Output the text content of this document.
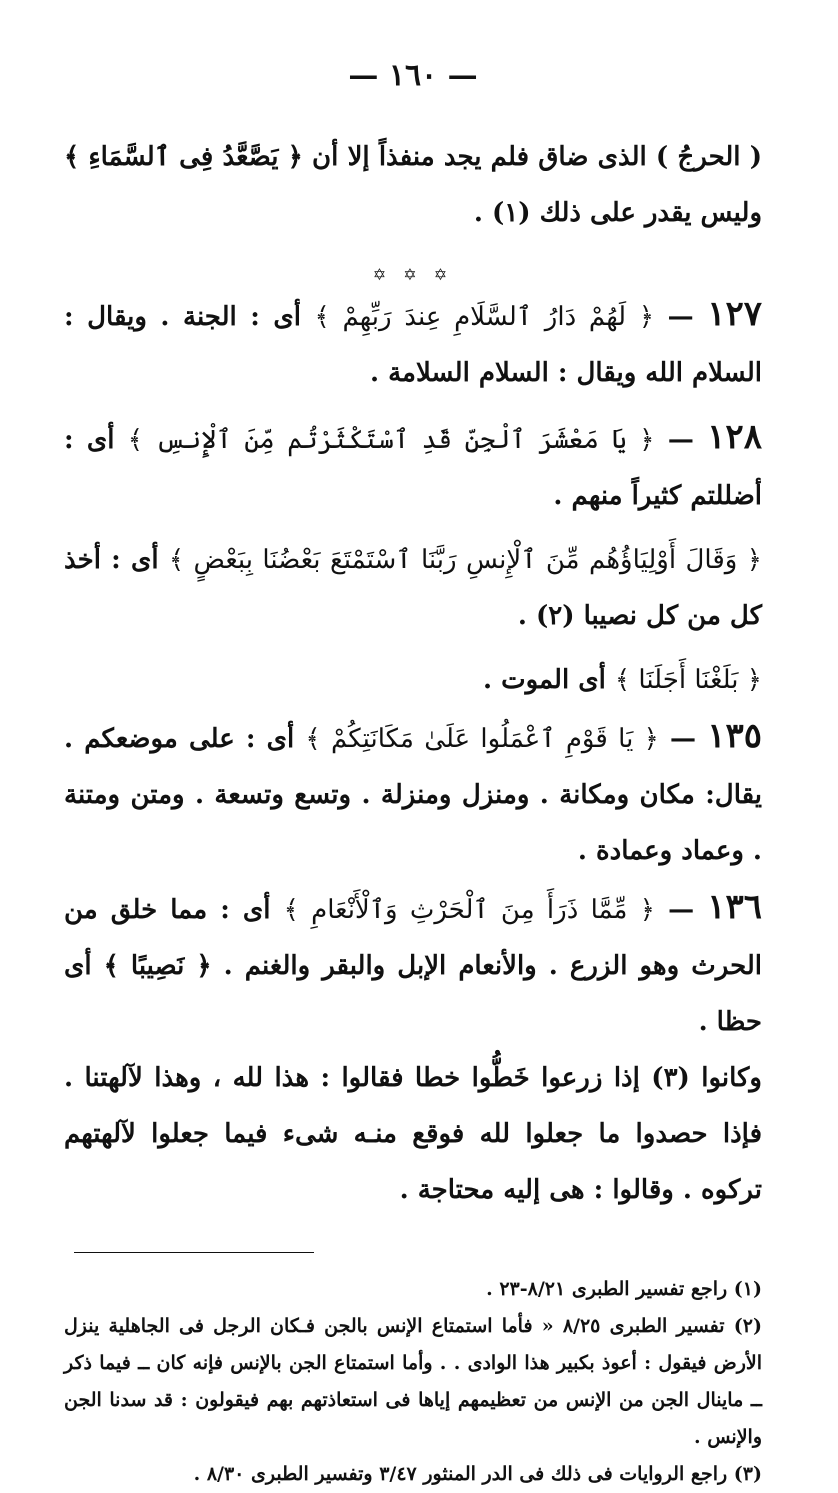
— ١٦٠ —

( الحرجُ ) الذى ضاق فلم يجد منفذاً إلا أن ﴿ يَصَّعَّدُ فِى ٱلسَّمَاءِ ﴾ وليس يقدر على ذلك (١) .

✡ ✡ ✡

١٢٧ — ﴿ لَهُمْ دَارُ ٱلسَّلَامِ عِندَ رَبِّهِمْ ﴾ أى : الجنة . ويقال : السلام الله ويقال : السلام السلامة .

١٢٨ — ﴿ يَا مَعْشَرَ ٱلْجِنِّ قَدِ ٱسْتَكْثَرْتُم مِّنَ ٱلْإِنسِ ﴾ أى : أضللتم كثيراً منهم .

﴿ وَقَالَ أَوْلِيَاؤُهُم مِّنَ ٱلْإِنسِ رَبَّنَا ٱسْتَمْتَعَ بَعْضُنَا بِبَعْضٍ ﴾ أى : أخذ كل من كل نصيبا (٢) .

﴿ بَلَغْنَا أَجَلَنَا ﴾ أى الموت .

١٣٥ — ﴿ يَا قَوْمِ ٱعْمَلُوا عَلَىٰ مَكَانَتِكُمْ ﴾ أى : على موضعكم . يقال: مكان ومكانة . ومنزل ومنزلة . وتسع وتسعة . ومتن ومتنة . وعماد وعمادة .

١٣٦ — ﴿ مِّمَّا ذَرَأَ مِنَ ٱلْحَرْثِ وَٱلْأَنْعَامِ ﴾ أى : مما خلق من الحرث وهو الزرع . والأنعام الإبل والبقر والغنم . ﴿ نَصِيبًا ﴾ أى حظا .

وكانوا (٣) إذا زرعوا خَطُّوا خطا فقالوا : هذا لله ، وهذا لآلهتنا . فإذا حصدوا ما جعلوا لله فوقع منـه شىء فيما جعلوا لآلهتهم تركوه . وقالوا : هى إليه محتاجة .

(١) راجع تفسير الطبرى ٨/٢١-٢٣ .

(٢) تفسير الطبرى ٨/٢٥ « فأما استمتاع الإنس بالجن فـكان الرجل فى الجاهلية ينزل الأرض فيقول : أعوذ بكبير هذا الوادى . . وأما استمتاع الجن بالإنس فإنه كان ــ فيما ذكر ــ ماينال الجن من الإنس من تعظيمهم إياها فى استعاذتهم بهم فيقولون : قد سدنا الجن والإنس .

(٣) راجع الروايات فى ذلك فى الدر المنثور ٣/٤٧ وتفسير الطبرى ٨/٣٠ .
